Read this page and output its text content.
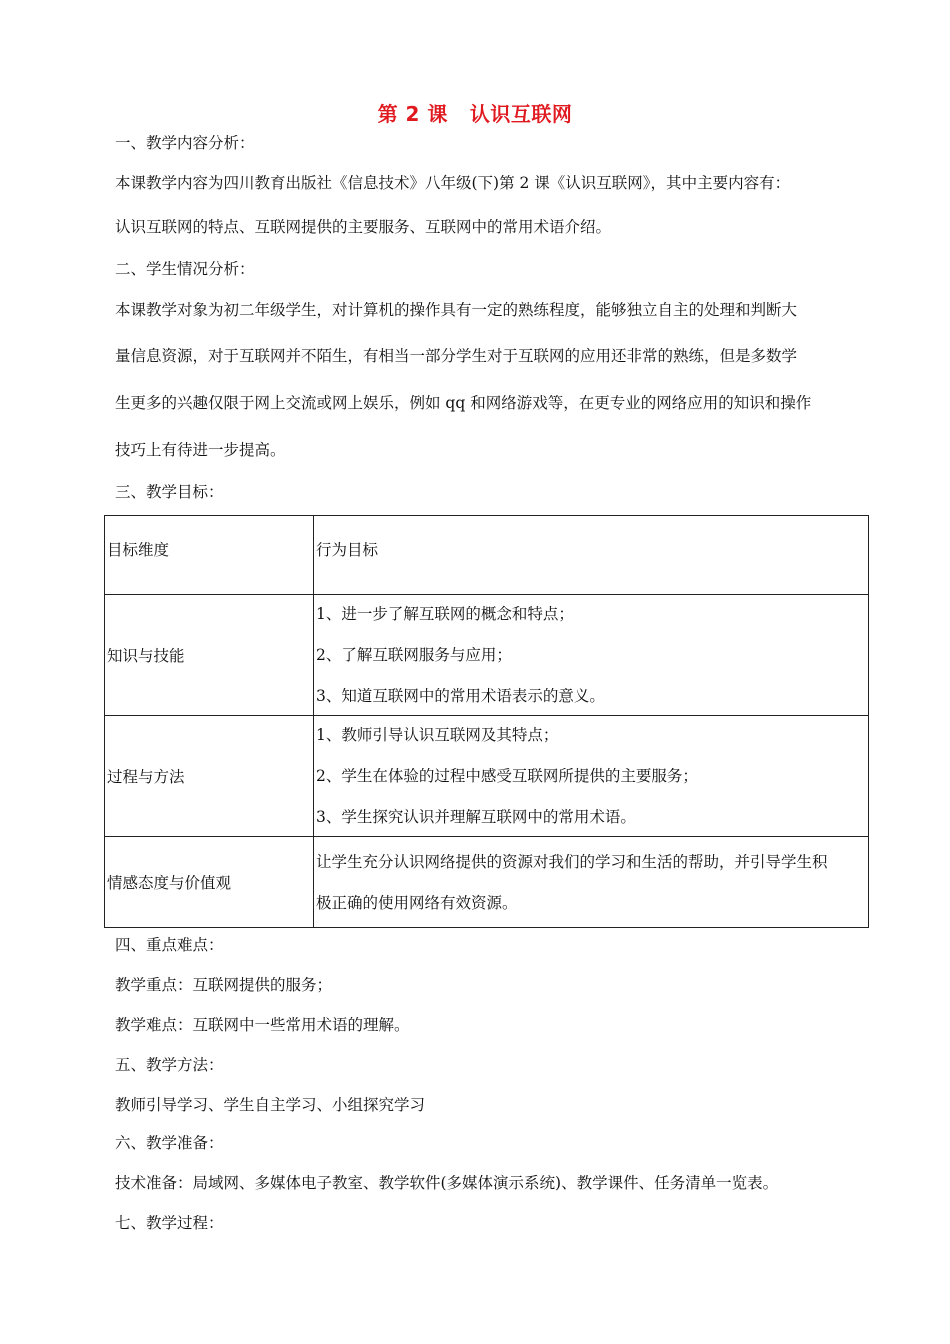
第 2 课 认识互联网
一、教学内容分析：
本课教学内容为四川教育出版社《信息技术》八年级(下)第 2 课《认识互联网》，其中主要内容有：
认识互联网的特点、互联网提供的主要服务、互联网中的常用术语介绍。
二、学生情况分析：
本课教学对象为初二年级学生，对计算机的操作具有一定的熟练程度，能够独立自主的处理和判断大
量信息资源，对于互联网并不陌生，有相当一部分学生对于互联网的应用还非常的熟练，但是多数学
生更多的兴趣仅限于网上交流或网上娱乐，例如 qq 和网络游戏等，在更专业的网络应用的知识和操作
技巧上有待进一步提高。
三、教学目标：
目标维度	行为目标
知识与技能	1、进一步了解互联网的概念和特点；
2、了解互联网服务与应用；
3、知道互联网中的常用术语表示的意义。

过程与方法	1、教师引导认识互联网及其特点；
2、学生在体验的过程中感受互联网所提供的主要服务；
3、学生探究认识并理解互联网中的常用术语。

情感态度与价值观	让学生充分认识网络提供的资源对我们的学习和生活的帮助，并引导学生积
极正确的使用网络有效资源。
四、重点难点：
教学重点：互联网提供的服务；
教学难点：互联网中一些常用术语的理解。
五、教学方法：
教师引导学习、学生自主学习、小组探究学习
六、教学准备：
技术准备：局域网、多媒体电子教室、教学软件(多媒体演示系统)、教学课件、任务清单一览表。
七、教学过程：
